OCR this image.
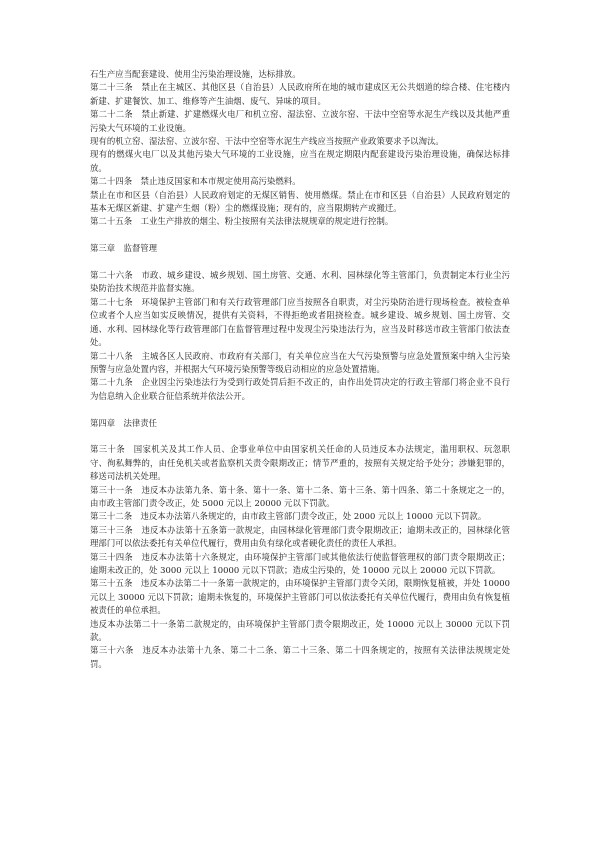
石生产应当配套建设、使用尘污染治理设施，达标排放。

第二十三条　禁止在主城区、其他区县（自治县）人民政府所在地的城市建成区无公共烟道的综合楼、住宅楼内新建、扩建餐饮、加工、维修等产生油烟、废气、异味的项目。

第二十二条　禁止新建、扩建燃煤火电厂和机立窑、湿法窑、立波尔窑、干法中空窑等水泥生产线以及其他严重污染大气环境的工业设施。

现有的机立窑、湿法窑、立波尔窑、干法中空窑等水泥生产线应当按照产业政策要求予以淘汰。

现有的燃煤火电厂以及其他污染大气环境的工业设施，应当在规定期限内配套建设污染治理设施，确保达标排放。

第二十四条　禁止违反国家和本市规定使用高污染燃料。

禁止在市和区县（自治县）人民政府划定的无煤区销售、使用燃煤。禁止在市和区县（自治县）人民政府划定的基本无煤区新建、扩建产生烟（粉）尘的燃煤设施；现有的，应当限期转产或搬迁。

第二十五条　工业生产排放的烟尘、粉尘按照有关法律法规规章的规定进行控制。

第三章　监督管理

第二十六条　市政、城乡建设、城乡规划、国土房管、交通、水利、园林绿化等主管部门，负责制定本行业尘污染防治技术规范并监督实施。

第二十七条　环境保护主管部门和有关行政管理部门应当按照各自职责，对尘污染防治进行现场检查。被检查单位或者个人应当如实反映情况，提供有关资料，不得拒绝或者阻挠检查。城乡建设、城乡规划、国土房管、交通、水利、园林绿化等行政管理部门在监督管理过程中发现尘污染违法行为，应当及时移送市政主管部门依法查处。

第二十八条　主城各区人民政府、市政府有关部门，有关单位应当在大气污染预警与应急处置预案中纳入尘污染预警与应急处置内容，并根据大气环境污染预警等级启动相应的应急处置措施。

第二十九条　企业因尘污染违法行为受到行政处罚后拒不改正的，由作出处罚决定的行政主管部门将企业不良行为信息纳入企业联合征信系统并依法公开。

第四章　法律责任

第三十条　国家机关及其工作人员、企事业单位中由国家机关任命的人员违反本办法规定，滥用职权、玩忽职守、徇私舞弊的，由任免机关或者监察机关责令限期改正；情节严重的，按照有关规定给予处分；涉嫌犯罪的，移送司法机关处理。

第三十一条　违反本办法第九条、第十条、第十一条、第十二条、第十三条、第十四条、第二十条规定之一的，由市政主管部门责令改正，处 5000 元以上 20000 元以下罚款。

第三十二条　违反本办法第八条规定的，由市政主管部门责令改正，处 2000 元以上 10000 元以下罚款。

第三十三条　违反本办法第十五条第一款规定，由园林绿化管理部门责令限期改正；逾期未改正的，园林绿化管理部门可以依法委托有关单位代履行，费用由负有绿化或者硬化责任的责任人承担。

第三十四条　违反本办法第十六条规定，由环境保护主管部门或其他依法行使监督管理权的部门责令限期改正；逾期未改正的，处 3000 元以上 10000 元以下罚款；造成尘污染的，处 10000 元以上 20000 元以下罚款。

第三十五条　违反本办法第二十一条第一款规定的，由环境保护主管部门责令关闭，限期恢复植被，并处 10000 元以上 30000 元以下罚款；逾期未恢复的，环境保护主管部门可以依法委托有关单位代履行，费用由负有恢复植被责任的单位承担。

违反本办法第二十一条第二款规定的，由环境保护主管部门责令限期改正，处 10000 元以上 30000 元以下罚款。

第三十六条　违反本办法第十九条、第二十二条、第二十三条、第二十四条规定的，按照有关法律法规规定处罚。
